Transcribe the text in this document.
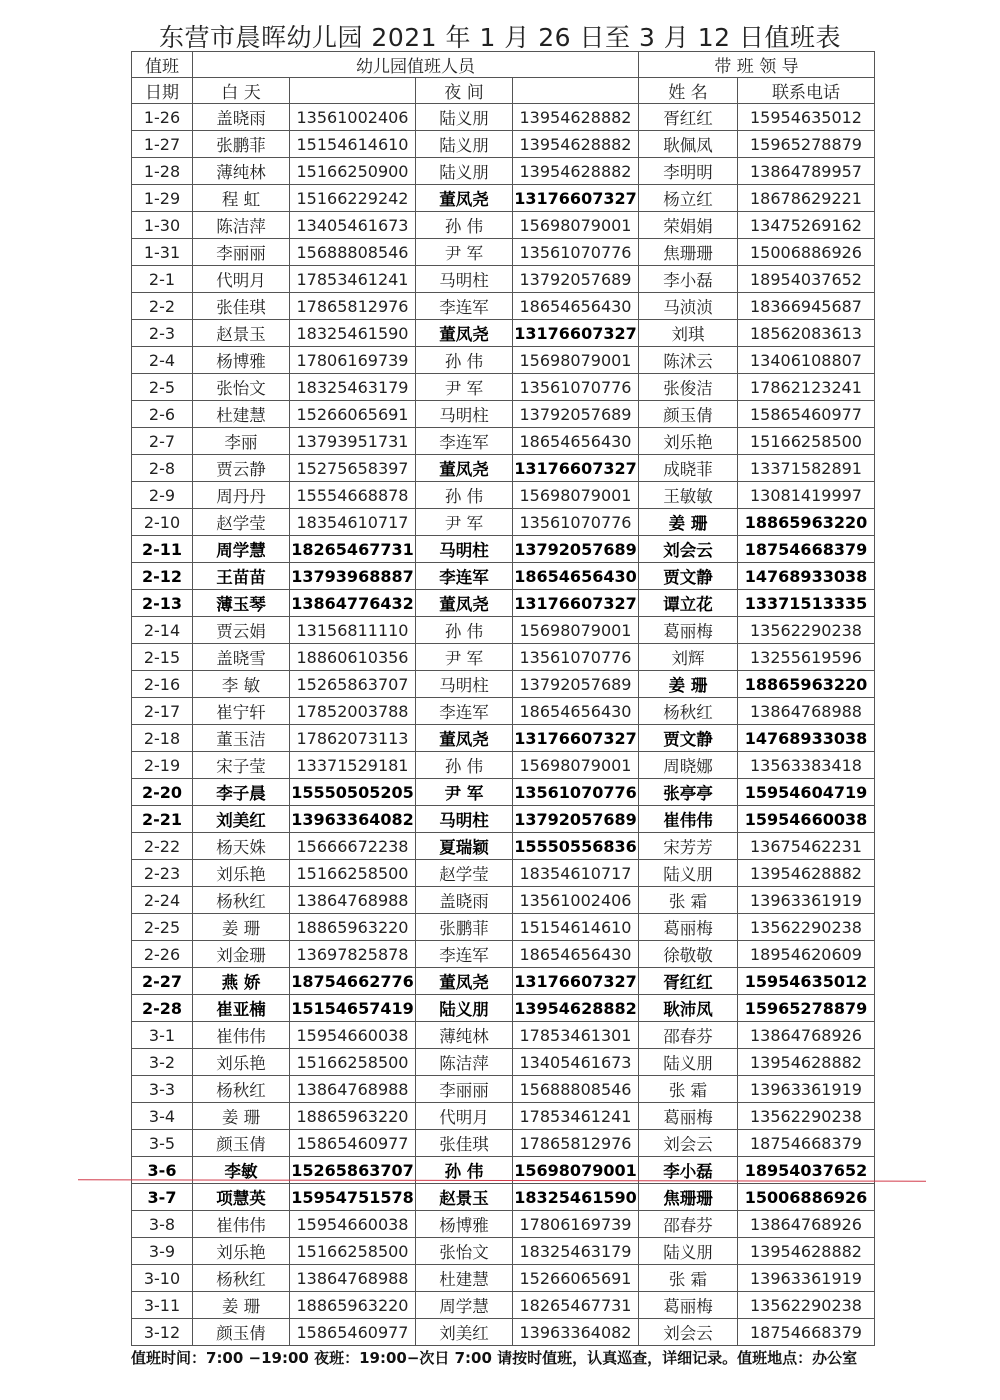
东营市晨晖幼儿园 2021 年 1 月 26 日至 3 月 12 日值班表
值班	幼儿园值班人员				带 班 领 导	
日期	白 天		夜 间		姓 名	联系电话
1-26	盖晓雨	13561002406	陆义朋	13954628882	胥红红	15954635012
1-27	张鹏菲	15154614610	陆义朋	13954628882	耿佩凤	15965278879
1-28	薄纯林	15166250900	陆义朋	13954628882	李明明	13864789957
1-29	程 虹	15166229242	董凤尧	13176607327	杨立红	18678629221
1-30	陈洁萍	13405461673	孙 伟	15698079001	荣娟娟	13475269162
1-31	李丽丽	15688808546	尹 军	13561070776	焦珊珊	15006886926
2-1	代明月	17853461241	马明柱	13792057689	李小磊	18954037652
2-2	张佳琪	17865812976	李连军	18654656430	马浈浈	18366945687
2-3	赵景玉	18325461590	董凤尧	13176607327	刘琪	18562083613
2-4	杨博雅	17806169739	孙 伟	15698079001	陈沭云	13406108807
2-5	张怡文	18325463179	尹 军	13561070776	张俊洁	17862123241
2-6	杜建慧	15266065691	马明柱	13792057689	颜玉倩	15865460977
2-7	李丽	13793951731	李连军	18654656430	刘乐艳	15166258500
2-8	贾云静	15275658397	董凤尧	13176607327	成晓菲	13371582891
2-9	周丹丹	15554668878	孙 伟	15698079001	王敏敏	13081419997
2-10	赵学莹	18354610717	尹 军	13561070776	姜 珊	18865963220
2-11	周学慧	18265467731	马明柱	13792057689	刘会云	18754668379
2-12	王苗苗	13793968887	李连军	18654656430	贾文静	14768933038
2-13	薄玉琴	13864776432	董凤尧	13176607327	谭立花	13371513335
2-14	贾云娟	13156811110	孙 伟	15698079001	葛丽梅	13562290238
2-15	盖晓雪	18860610356	尹 军	13561070776	刘辉	13255619596
2-16	李 敏	15265863707	马明柱	13792057689	姜 珊	18865963220
2-17	崔宁轩	17852003788	李连军	18654656430	杨秋红	13864768988
2-18	董玉洁	17862073113	董凤尧	13176607327	贾文静	14768933038
2-19	宋子莹	13371529181	孙 伟	15698079001	周晓娜	13563383418
2-20	李子晨	15550505205	尹 军	13561070776	张亭亭	15954604719
2-21	刘美红	13963364082	马明柱	13792057689	崔伟伟	15954660038
2-22	杨天姝	15666672238	夏瑞颖	15550556836	宋芳芳	13675462231
2-23	刘乐艳	15166258500	赵学莹	18354610717	陆义朋	13954628882
2-24	杨秋红	13864768988	盖晓雨	13561002406	张 霜	13963361919
2-25	姜 珊	18865963220	张鹏菲	15154614610	葛丽梅	13562290238
2-26	刘金珊	13697825878	李连军	18654656430	徐敬敬	18954620609
2-27	燕 娇	18754662776	董凤尧	13176607327	胥红红	15954635012
2-28	崔亚楠	15154657419	陆义朋	13954628882	耿沛凤	15965278879
3-1	崔伟伟	15954660038	薄纯林	17853461301	邵春芬	13864768926
3-2	刘乐艳	15166258500	陈洁萍	13405461673	陆义朋	13954628882
3-3	杨秋红	13864768988	李丽丽	15688808546	张 霜	13963361919
3-4	姜 珊	18865963220	代明月	17853461241	葛丽梅	13562290238
3-5	颜玉倩	15865460977	张佳琪	17865812976	刘会云	18754668379
3-6	李敏	15265863707	孙 伟	15698079001	李小磊	18954037652
3-7	项慧英	15954751578	赵景玉	18325461590	焦珊珊	15006886926
3-8	崔伟伟	15954660038	杨博雅	17806169739	邵春芬	13864768926
3-9	刘乐艳	15166258500	张怡文	18325463179	陆义朋	13954628882
3-10	杨秋红	13864768988	杜建慧	15266065691	张 霜	13963361919
3-11	姜 珊	18865963220	周学慧	18265467731	葛丽梅	13562290238
3-12	颜玉倩	15865460977	刘美红	13963364082	刘会云	18754668379
值班时间：7:00 −19:00 夜班：19:00−次日 7:00 请按时值班，认真巡查，详细记录。值班地点：办公室
